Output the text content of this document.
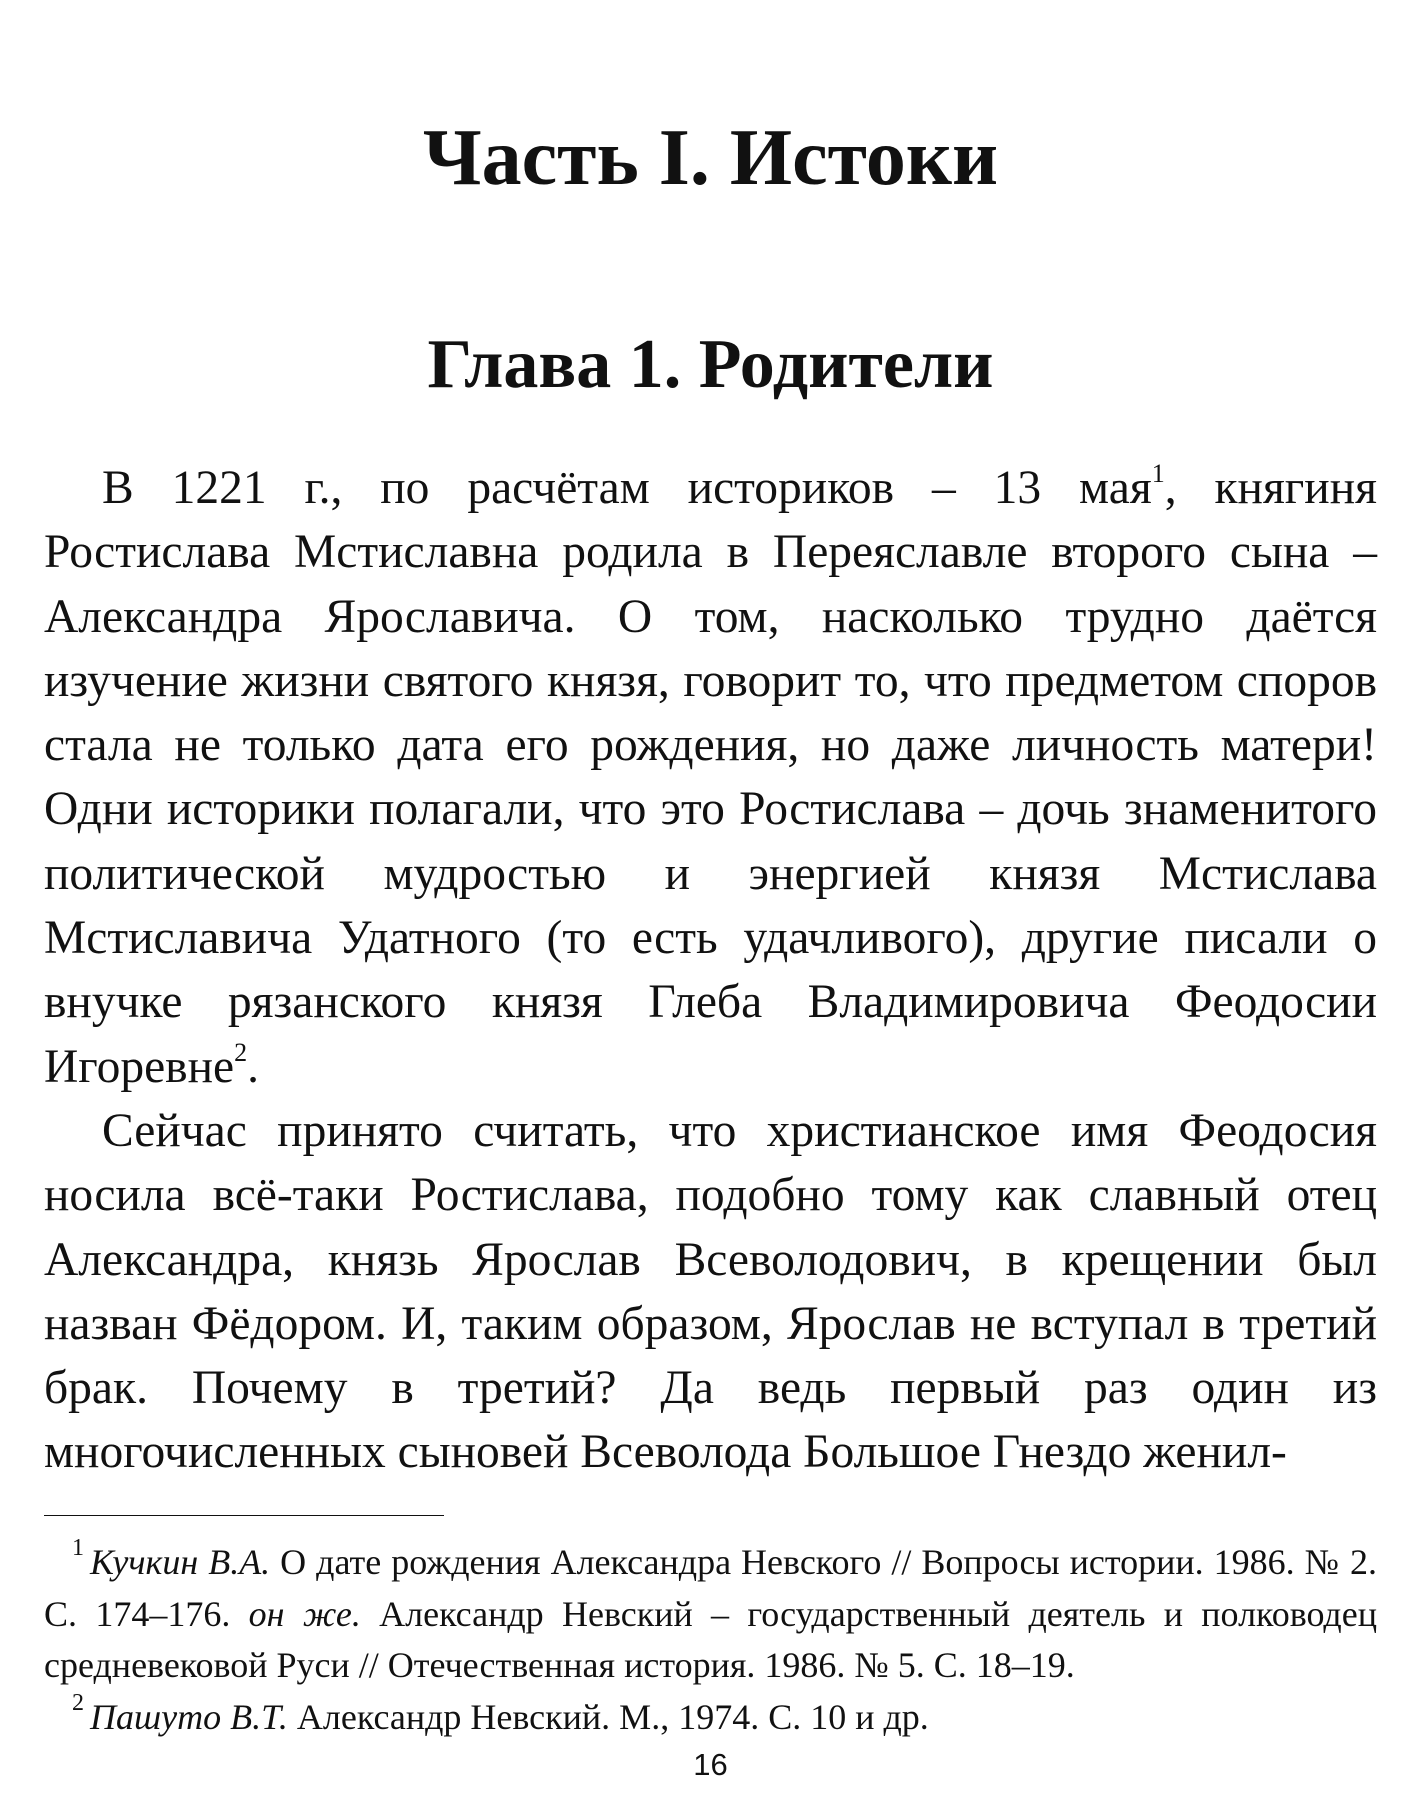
Часть I. Истоки
Глава 1. Родители

В 1221 г., по расчётам историков – 13 мая$^1$, княгиня Ростислава Мстиславна родила в Переяславле второго сына – Александра Ярославича. О том, насколько трудно даётся изучение жизни святого князя, говорит то, что предметом споров стала не только дата его рождения, но даже личность матери! Одни историки полагали, что это Ростислава – дочь знаменитого политической мудростью и энергией князя Мстислава Мстиславича Удатного (то есть удачливого), другие писали о внучке рязанского князя Глеба Владимировича Феодосии Игоревне$^2$.

Сейчас принято считать, что христианское имя Феодосия носила всё-таки Ростислава, подобно тому как славный отец Александра, князь Ярослав Всеволодович, в крещении был назван Фёдором. И, таким образом, Ярослав не вступал в третий брак. Почему в третий? Да ведь первый раз один из многочисленных сыновей Всеволода Большое Гнездо женил-

$^1$ Кучкин В.А. О дате рождения Александра Невского // Вопросы истории. 1986. № 2. С. 174–176. он же. Александр Невский – государственный деятель и полководец средневековой Руси // Отечественная история. 1986. № 5. С. 18–19.

$^2$ Пашуто В.Т. Александр Невский. М., 1974. С. 10 и др.

16
